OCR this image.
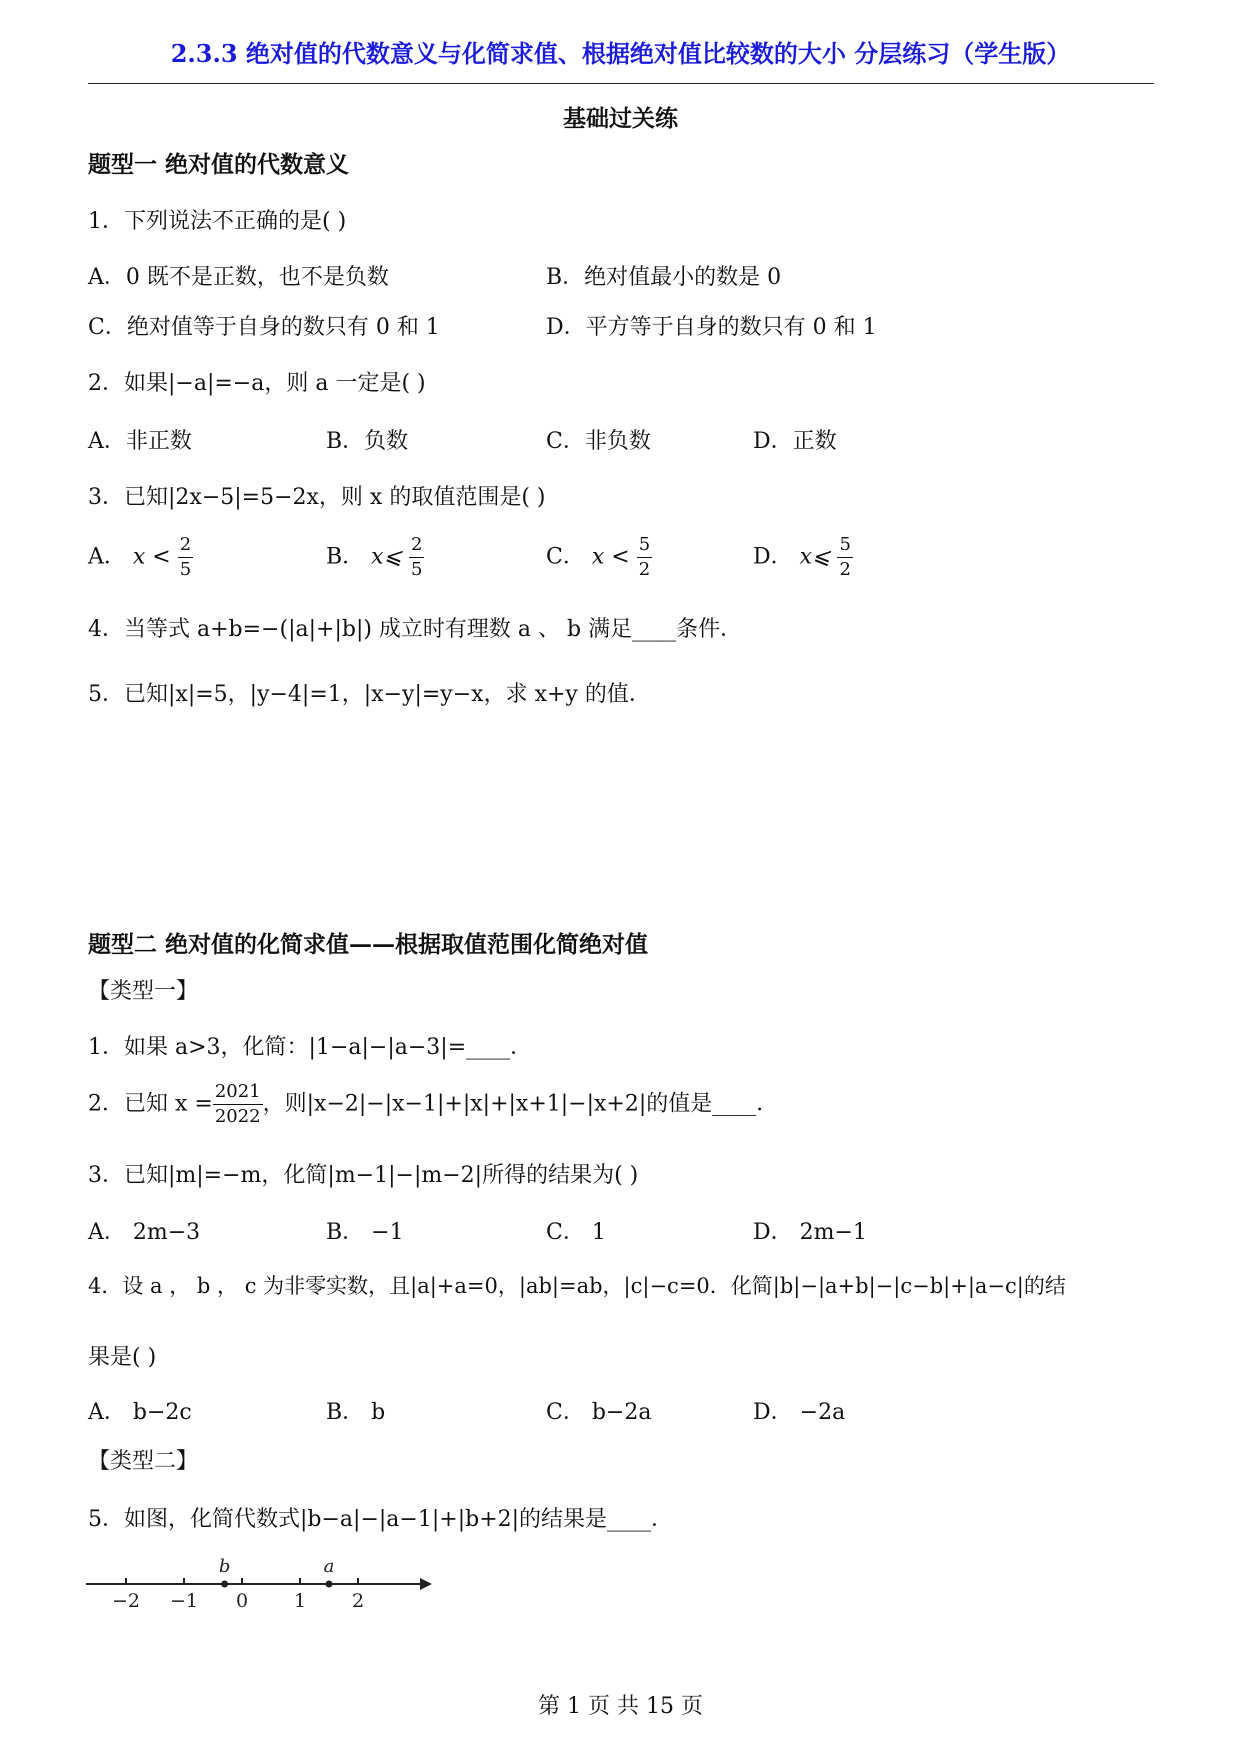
2.3.3 绝对值的代数意义与化简求值、根据绝对值比较数的大小 分层练习（学生版）
基础过关练
题型一 绝对值的代数意义
1．下列说法不正确的是( )
A．0 既不是正数，也不是负数	B．绝对值最小的数是 0
C．绝对值等于自身的数只有 0 和 1	D．平方等于自身的数只有 0 和 1
2．如果|−a|=−a，则 a 一定是( )
A．非正数	B．负数	C．非负数	D．正数
3．已知|2x−5|=5−2x，则 x 的取值范围是( )
A． $x < \frac{2}{5}$	B． x⩽ $\frac{2}{5}$	C． $x < \frac{5}{2}$	D． x⩽ $\frac{5}{2}$
4．当等式 a+b=−(|a|+|b|) 成立时有理数 a 、 b 满足____条件．
5．已知|x|=5，|y−4|=1，|x−y|=y−x，求 x+y 的值．
题型二 绝对值的化简求值——根据取值范围化简绝对值
【类型一】
1．如果 a>3，化简：|1−a|−|a−3|=____．
2．已知 $x = \frac{2021}{2022}$ ，则|x−2|−|x−1|+|x|+|x+1|−|x+2|的值是____．
3．已知|m|=−m，化简|m−1|−|m−2|所得的结果为( )
A． 2m−3	B． −1	C． 1	D． 2m−1
4．设 a ， b ， c 为非零实数，且|a|+a=0，|ab|=ab，|c|−c=0．化简|b|−|a+b|−|c−b|+|a−c|的结
果是( )
A． b−2c	B． b	C． b−2a	D． −2a
【类型二】
5．如图，化简代数式|b−a|−|a−1|+|b+2|的结果是____．
−2 −1 0 1 2
b	a
第 1 页 共 15 页
